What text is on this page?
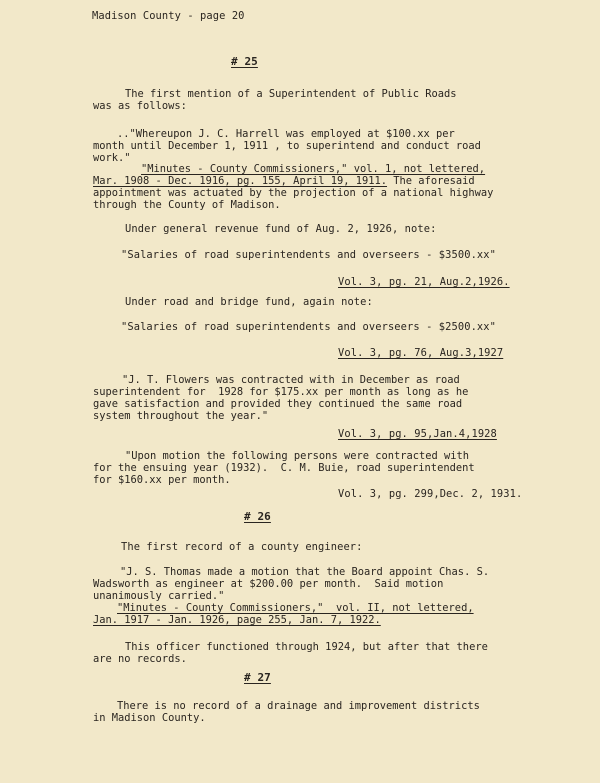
Madison County - page 20
# 25
The first mention of a Superintendent of Public Roads
was as follows:
.."Whereupon J. C. Harrell was employed at $100.xx per
month until December 1, 1911 , to superintend and conduct road
work."
"Minutes - County Commissioners," vol. 1, not lettered,
Mar. 1908 - Dec. 1916, pg. 155, April 19, 1911. The aforesaid
appointment was actuated by the projection of a national highway
through the County of Madison.
Under general revenue fund of Aug. 2, 1926, note:
"Salaries of road superintendents and overseers - $3500.xx"
Vol. 3, pg. 21, Aug.2,1926.
Under road and bridge fund, again note:
"Salaries of road superintendents and overseers - $2500.xx"
Vol. 3, pg. 76, Aug.3,1927
"J. T. Flowers was contracted with in December as road
superintendent for  1928 for $175.xx per month as long as he
gave satisfaction and provided they continued the same road
system throughout the year."
Vol. 3, pg. 95,Jan.4,1928
"Upon motion the following persons were contracted with
for the ensuing year (1932).  C. M. Buie, road superintendent
for $160.xx per month.
Vol. 3, pg. 299,Dec. 2, 1931.
# 26
The first record of a county engineer:
"J. S. Thomas made a motion that the Board appoint Chas. S.
Wadsworth as engineer at $200.00 per month.  Said motion
unanimously carried."
"Minutes - County Commissioners,"  vol. II, not lettered,
Jan. 1917 - Jan. 1926, page 255, Jan. 7, 1922.
This officer functioned through 1924, but after that there
are no records.
# 27
There is no record of a drainage and improvement districts
in Madison County.
